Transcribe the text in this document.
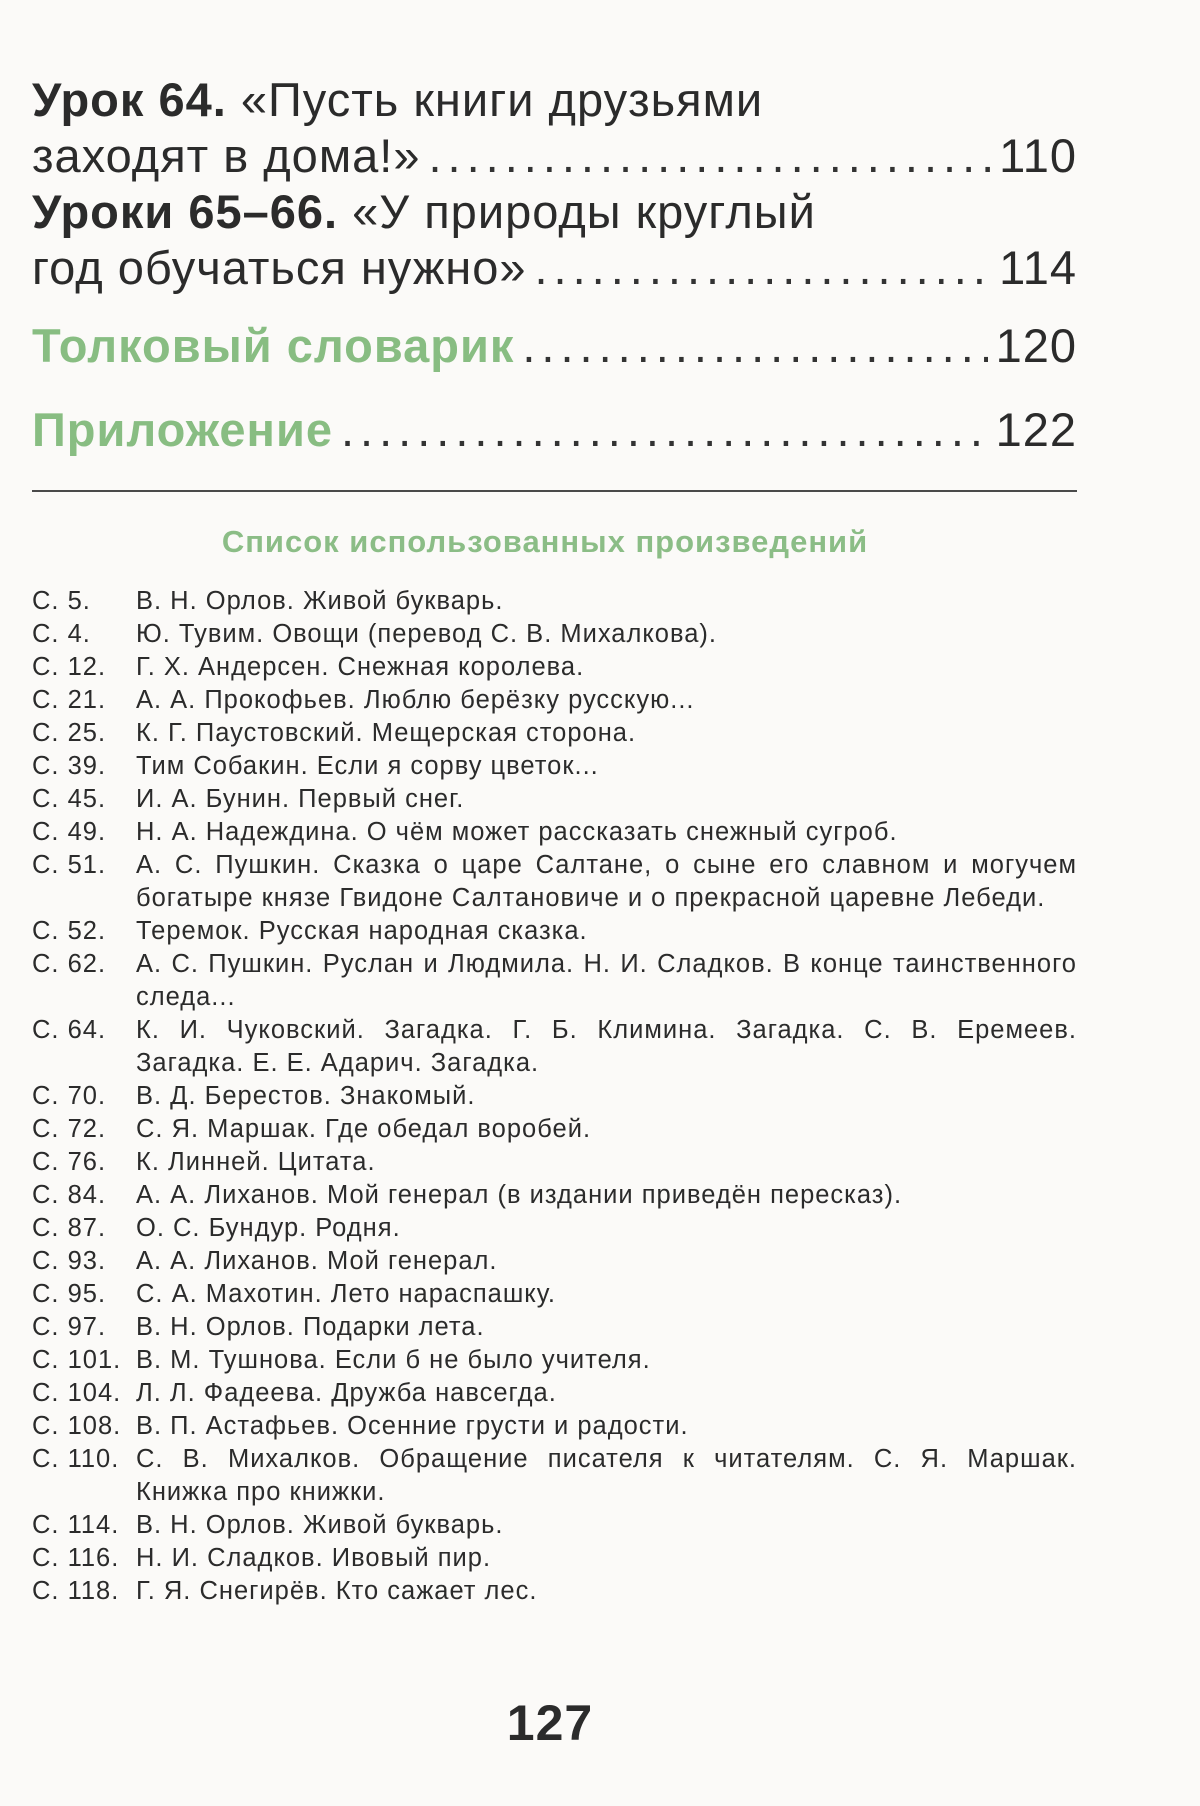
Урок 64. «Пусть книги друзьями
заходят в дома!» .....	110
Уроки 65–66. «У природы круглый
год обучаться нужно» .....	114
Толковый словарик .....	120
Приложение .....	122
Список использованных произведений
С. 5.	В. Н. Орлов. Живой букварь.
С. 4.	Ю. Тувим. Овощи (перевод С. В. Михалкова).
С. 12.	Г. Х. Андерсен. Снежная королева.
С. 21.	А. А. Прокофьев. Люблю берёзку русскую...
С. 25.	К. Г. Паустовский. Мещерская сторона.
С. 39.	Тим Собакин. Если я сорву цветок...
С. 45.	И. А. Бунин. Первый снег.
С. 49.	Н. А. Надеждина. О чём может рассказать снежный сугроб.
С. 51.	А. С. Пушкин. Сказка о царе Салтане, о сыне его славном и могучем богатыре князе Гвидоне Салтановиче и о прекрасной царевне Лебеди.
С. 52.	Теремок. Русская народная сказка.
С. 62.	А. С. Пушкин. Руслан и Людмила. Н. И. Сладков. В конце таинственного следа...
С. 64.	К. И. Чуковский. Загадка. Г. Б. Климина. Загадка. С. В. Еремеев. Загадка. Е. Е. Адарич. Загадка.
С. 70.	В. Д. Берестов. Знакомый.
С. 72.	С. Я. Маршак. Где обедал воробей.
С. 76.	К. Линней. Цитата.
С. 84.	А. А. Лиханов. Мой генерал (в издании приведён пересказ).
С. 87.	О. С. Бундур. Родня.
С. 93.	А. А. Лиханов. Мой генерал.
С. 95.	С. А. Махотин. Лето нараспашку.
С. 97.	В. Н. Орлов. Подарки лета.
С. 101. В. М. Тушнова. Если б не было учителя.
С. 104. Л. Л. Фадеева. Дружба навсегда.
С. 108. В. П. Астафьев. Осенние грусти и радости.
С. 110. С. В. Михалков. Обращение писателя к читателям. С. Я. Маршак. Книжка про книжки.
С. 114. В. Н. Орлов. Живой букварь.
С. 116. Н. И. Сладков. Ивовый пир.
С. 118. Г. Я. Снегирёв. Кто сажает лес.
127
